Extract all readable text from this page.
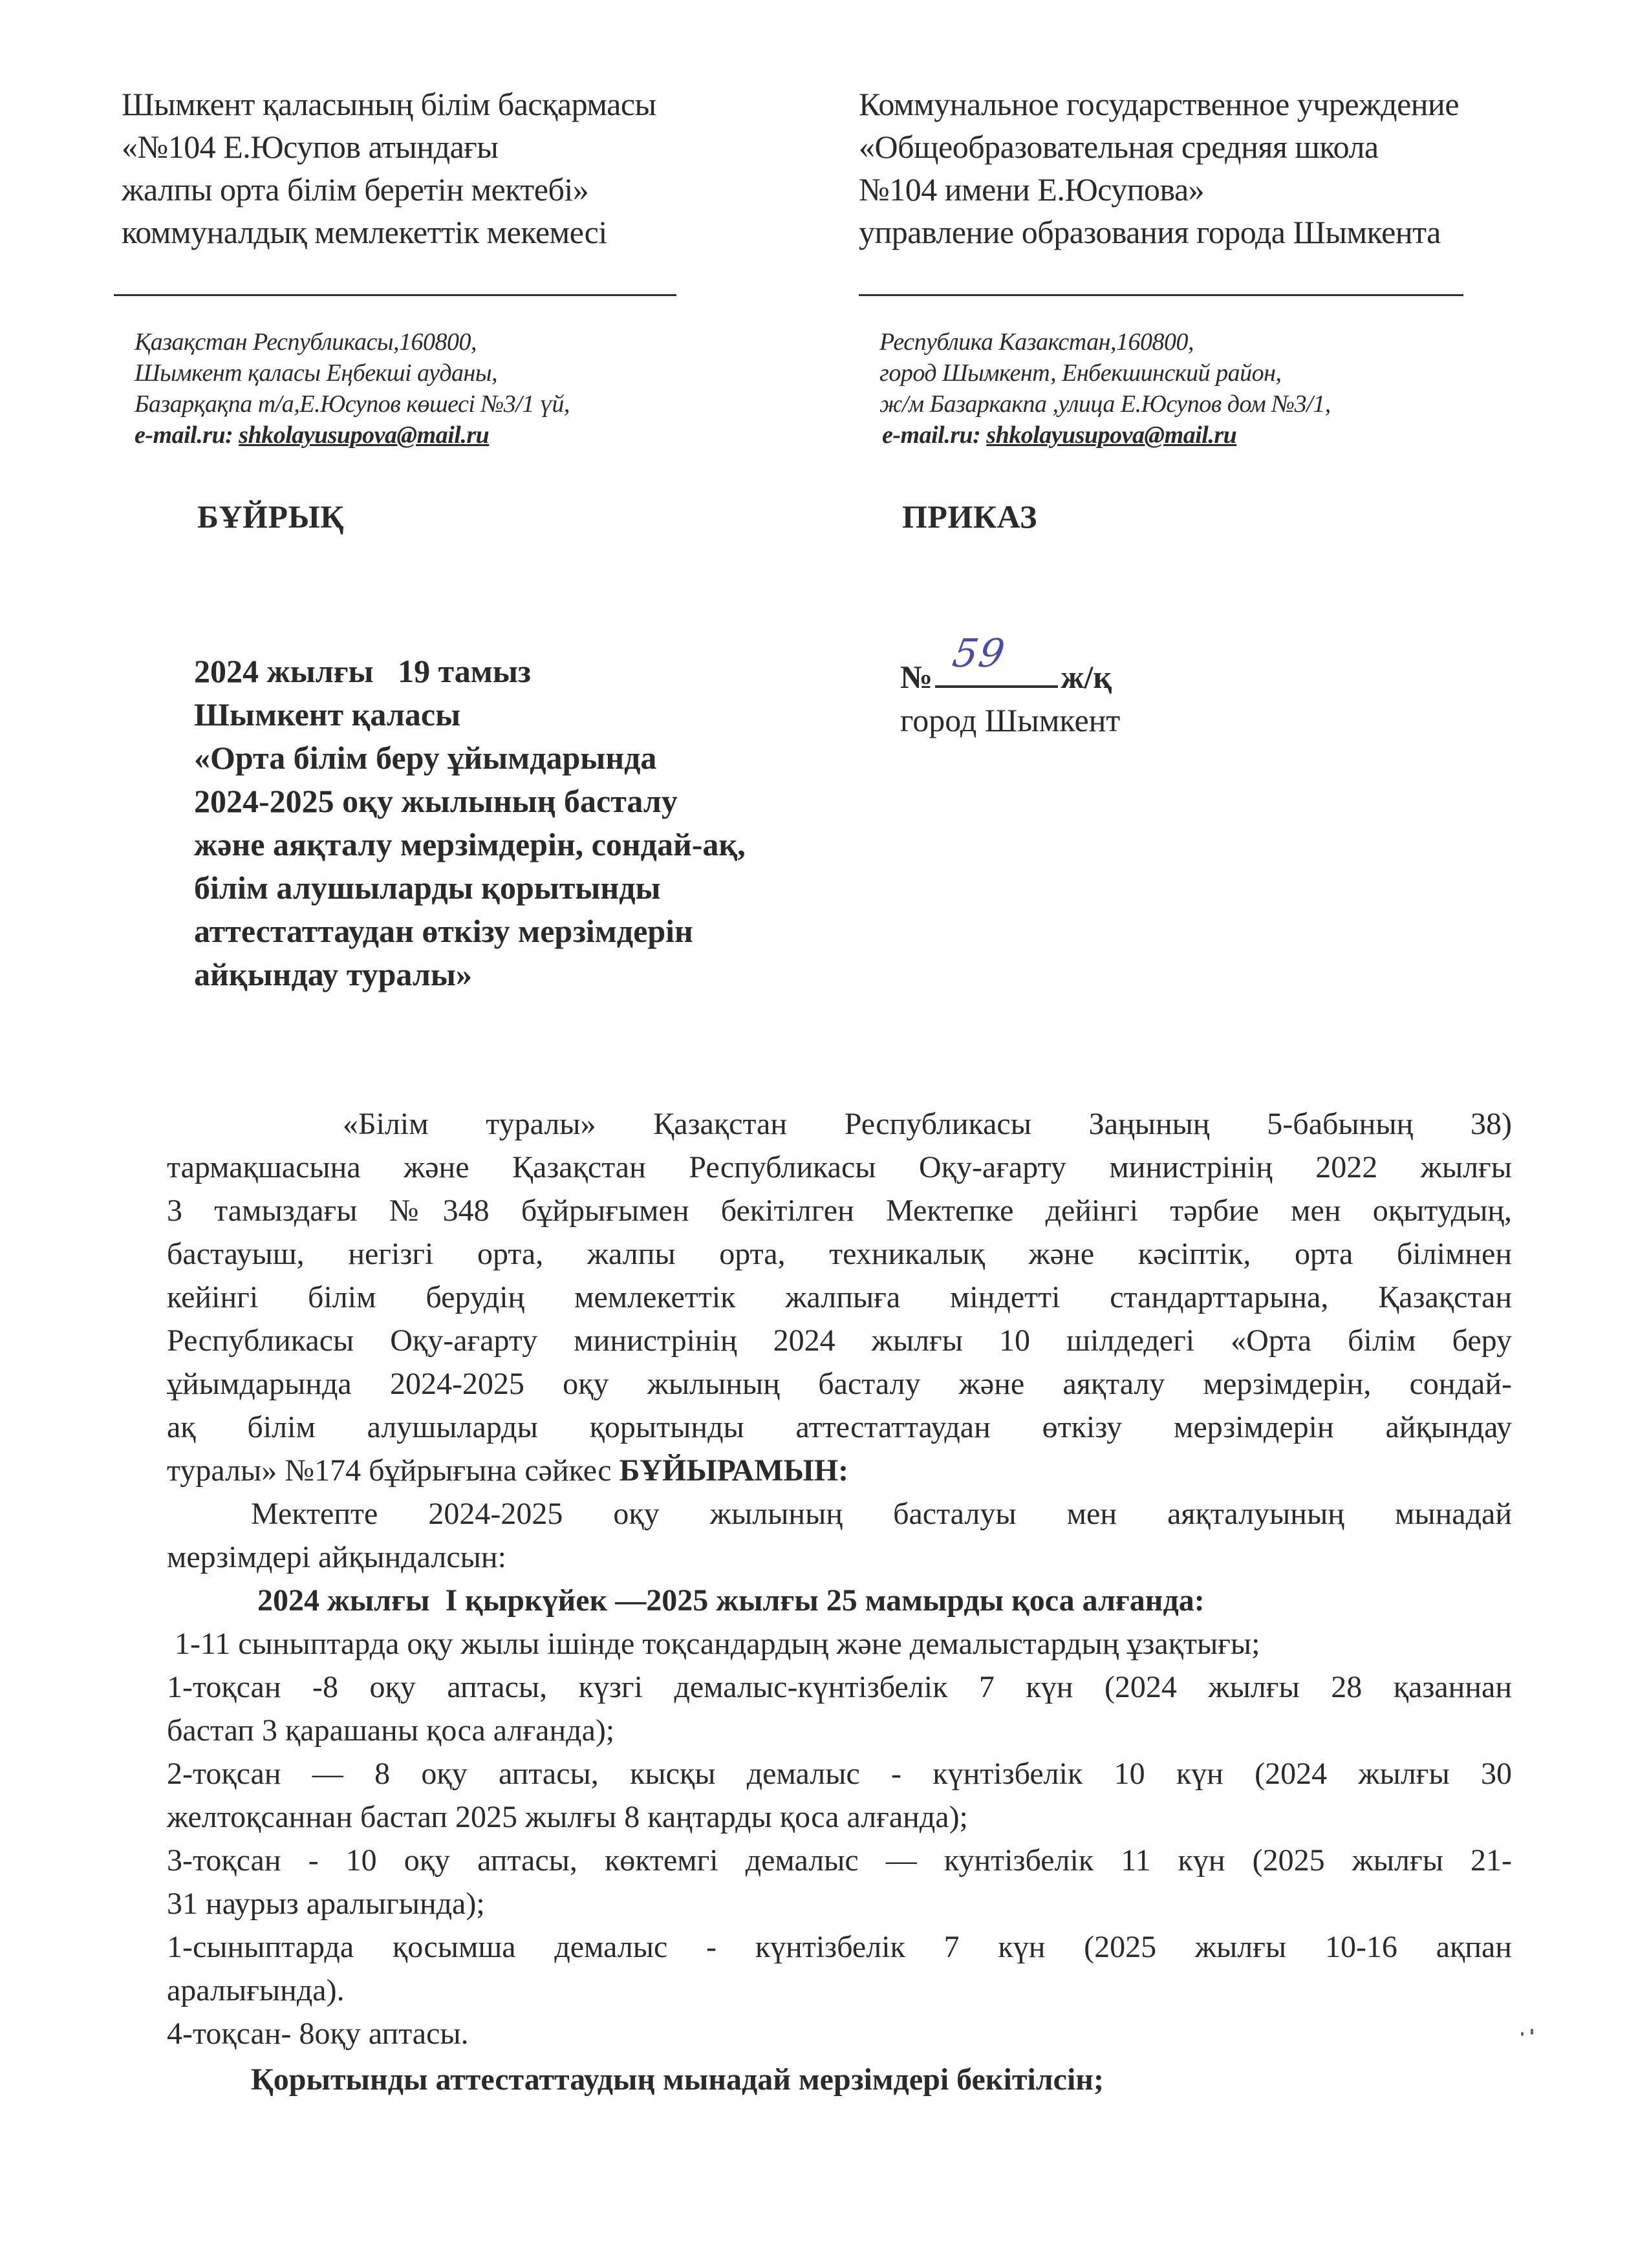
Шымкент қаласының білім басқармасы
«№104 Е.Юсупов атындағы
жалпы орта білім беретін мектебі»
коммуналдық мемлекеттік мекемесі
Коммунальное государственное учреждение
«Общеобразовательная средняя школа
№104 имени Е.Юсупова»
управление образования города Шымкента
Қазақстан Республикасы,160800,
Шымкент қаласы Еңбекші ауданы,
Базарқақпа т/а,Е.Юсупов көшесі №3/1 үй,
e-mail.ru: shkolayusupova@mail.ru
Республика Казакстан,160800,
город Шымкент, Енбекшинский район,
ж/м Базаркакпа ,улица Е.Юсупов дом №3/1,
e-mail.ru: shkolayusupova@mail.ru
БҰЙРЫҚ	ПРИКАЗ
2024 жылғы   19 тамыз
Шымкент қаласы
«Орта білім беру ұйымдарында
2024-2025 оқу жылының басталу
және аяқталу мерзімдерін, сондай-ақ,
білім алушыларды қорытынды
аттестаттаудан өткізу мерзімдерін
айқындау туралы»
№
59
ж/қ
город Шымкент
«Білім туралы» Қазақстан Республикасы Заңының 5-бабының 38)
тармақшасына және Қазақстан Республикасы Оқу-ағарту министрінің 2022 жылғы
3 тамыздағы №348 бұйрығымен бекітілген Мектепке дейінгі тәрбие мен оқытудың,
бастауыш, негізгі орта, жалпы орта, техникалық және кәсіптік, орта білімнен
кейінгі білім берудің мемлекеттік жалпыға міндетті стандарттарына, Қазақстан
Республикасы Оқу-ағарту министрінің 2024 жылғы 10 шілдедегі «Орта білім беру
ұйымдарында 2024-2025 оқу жылының басталу және аяқталу мерзімдерін, сондай-
ақ білім алушыларды қорытынды аттестаттаудан өткізу мерзімдерін айқындау
туралы» №174 бұйрығына сәйкес БҰЙЫРАМЫН:
Мектепте 2024-2025 оқу жылының басталуы мен аяқталуының мынадай
мерзімдері айқындалсын:
2024 жылғы  І қыркүйек —2025 жылғы 25 мамырды қоса алғанда:
1-11 сыныптарда оқу жылы ішінде тоқсандардың және демалыстардың ұзақтығы;
1-тоқсан -8 оқу аптасы, күзгі демалыс-күнтізбелік 7 күн (2024 жылғы 28 қазаннан
бастап 3 қарашаны қоса алғанда);
2-тоқсан — 8 оқу аптасы, кысқы демалыс - күнтізбелік 10 күн (2024 жылғы 30
желтоқсаннан бастап 2025 жылғы 8 каңтарды қоса алғанда);
3-тоқсан - 10 оқу аптасы, көктемгі демалыс — кунтізбелік 11 күн (2025 жылғы 21-
31 наурыз аралыгында);
1-сыныптарда қосымша демалыс - күнтізбелік 7 күн (2025 жылғы 10-16 ақпан
аралығында).
4-тоқсан- 8оқу аптасы.
Қорытынды аттестаттаудың мынадай мерзімдері бекітілсін;
